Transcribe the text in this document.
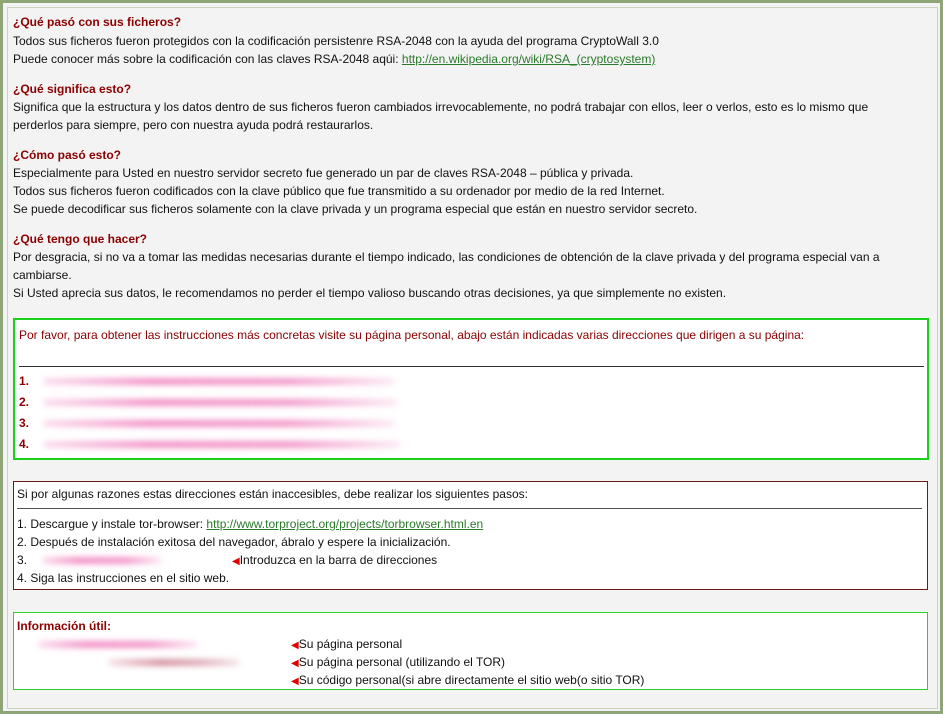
¿Qué pasó con sus ficheros?
Todos sus ficheros fueron protegidos con la codificación persistenre RSA-2048 con la ayuda del programa CryptoWall 3.0
Puede conocer más sobre la codificación con las claves RSA-2048 aqúi: http://en.wikipedia.org/wiki/RSA_(cryptosystem)
¿Qué significa esto?
Significa que la estructura y los datos dentro de sus ficheros fueron cambiados irrevocablemente, no podrá trabajar con ellos, leer o verlos, esto es lo mismo que
perderlos para siempre, pero con nuestra ayuda podrá restaurarlos.
¿Cómo pasó esto?
Especialmente para Usted en nuestro servidor secreto fue generado un par de claves RSA-2048 – pública y privada.
Todos sus ficheros fueron codificados con la clave público que fue transmitido a su ordenador por medio de la red Internet.
Se puede decodificar sus ficheros solamente con la clave privada y un programa especial que están en nuestro servidor secreto.
¿Qué tengo que hacer?
Por desgracia, si no va a tomar las medidas necesarias durante el tiempo indicado, las condiciones de obtención de la clave privada y del programa especial van a
cambiarse.
Si Usted aprecia sus datos, le recomendamos no perder el tiempo valioso buscando otras decisiones, ya que simplemente no existen.
Por favor, para obtener las instrucciones más concretas visite su página personal, abajo están indicadas varias direcciones que dirigen a su página:
1.
2.
3.
4.
Si por algunas razones estas direcciones están inaccesibles, debe realizar los siguientes pasos:
1. Descargue y instale tor-browser: http://www.torproject.org/projects/torbrowser.html.en
2. Después de instalación exitosa del navegador, ábralo y espere la inicialización.
3.	◀Introduzca en la barra de direcciones
4. Siga las instrucciones en el sitio web.
Información útil:
◀Su página personal
◀Su página personal (utilizando el TOR)
◀Su código personal(si abre directamente el sitio web(o sitio TOR)
